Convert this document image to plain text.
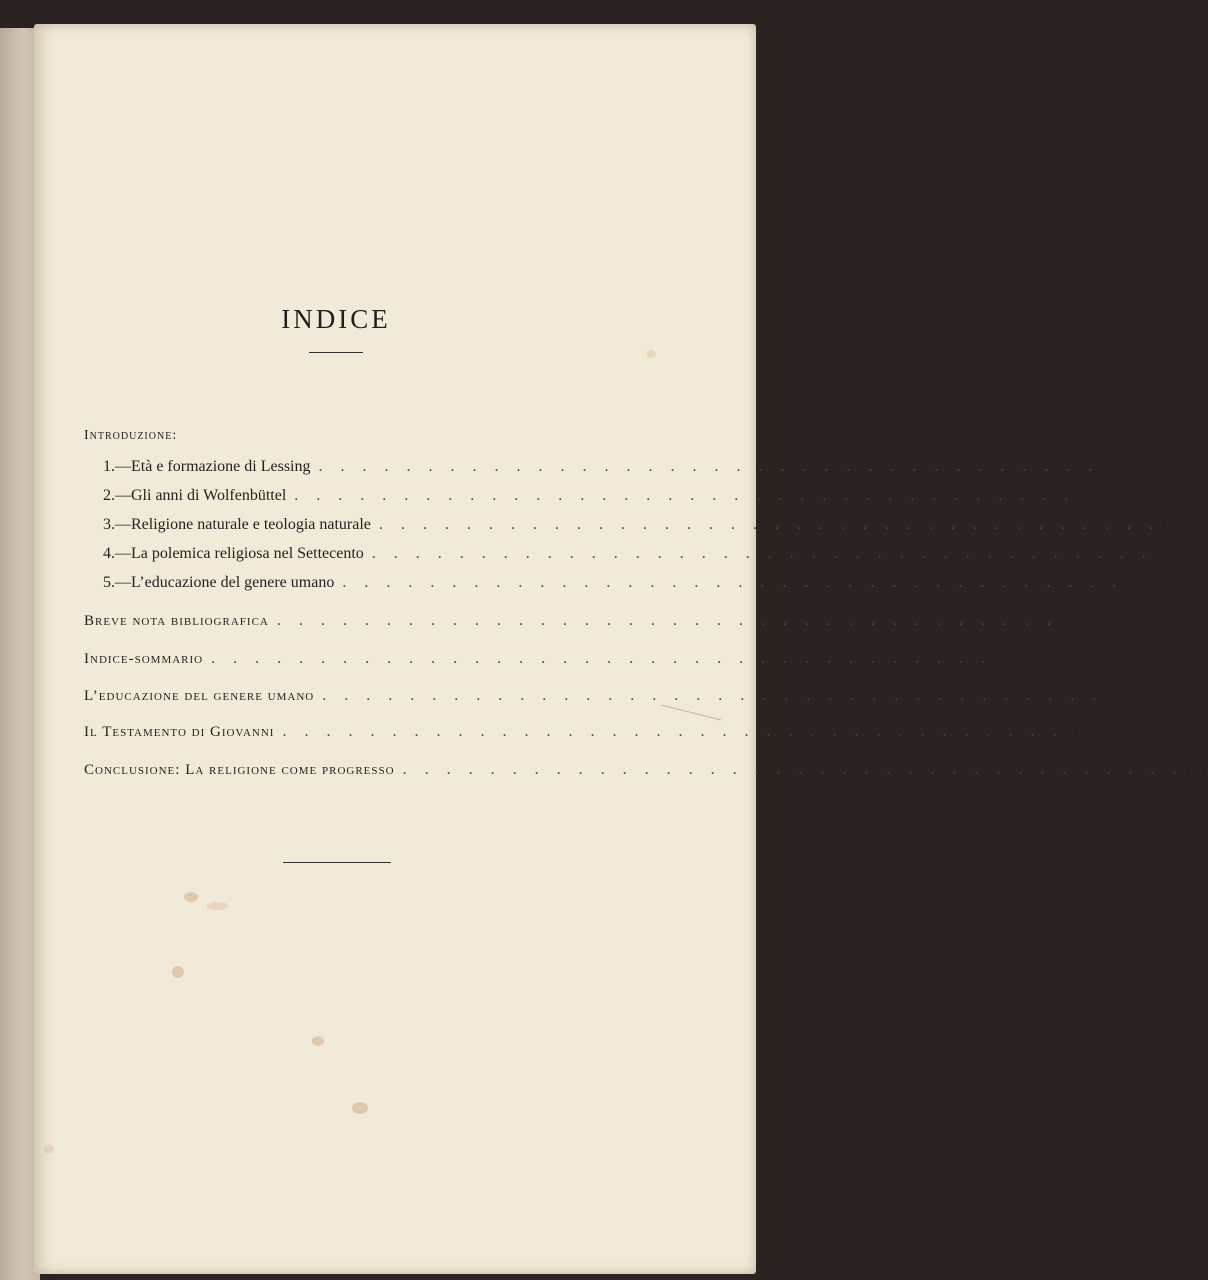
INDICE
Introduzione:
1. — Età e formazione di Lessing . . . . . . . . . . . . . . . . . . . . . . . . . . . . . . . . . . . . p. 5
2. — Gli anni di Wolfenbüttel . . . . . . . . . . . . . . . . . . . . . . . . . . . . . . . . . . . . 15
3. — Religione naturale e teologia naturale . . . . . . . . . . . . . . . . . . . . . . . . . . . . . . . . . . . . 18
4. — La polemica religiosa nel Settecento . . . . . . . . . . . . . . . . . . . . . . . . . . . . . . . . . . . . 29
5. — L’educazione del genere umano . . . . . . . . . . . . . . . . . . . . . . . . . . . . . . . . . . . . 43
Breve nota bibliografica . . . . . . . . . . . . . . . . . . . . . . . . . . . . . . . . . . . . 53
Indice-sommario . . . . . . . . . . . . . . . . . . . . . . . . . . . . . . . . . . . . 55
L’educazione del genere umano . . . . . . . . . . . . . . . . . . . . . . . . . . . . . . . . . . . . 57
Il Testamento di Giovanni . . . . . . . . . . . . . . . . . . . . . . . . . . . . . . . . . . . . 91
Conclusione: La religione come progresso . . . . . . . . . . . . . . . . . . . . . . . . . . . . . . . . . . . . 101
